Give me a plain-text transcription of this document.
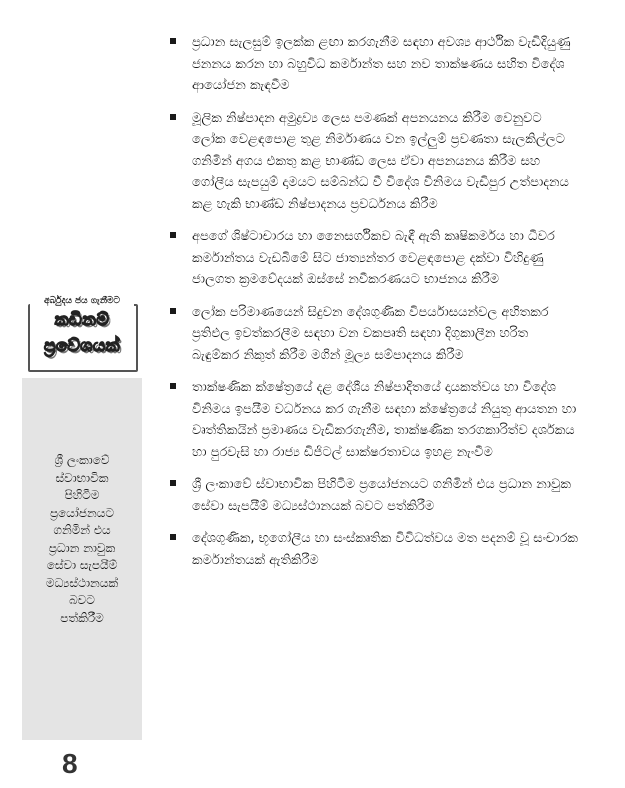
අර්බුදය ජය ගැනීමට
කඩිනම්
ප්‍රවේශයක්
ශ්‍රී ලංකාවේ
ස්වාභාවික
පිහිටීම
ප්‍රයෝජනයට
ගනිමින් එය
ප්‍රධාන නාවුක
සේවා සැපයීම්
මධ්‍යස්ථානයක්
බවට
පත්කිරීම
8
ප්‍රධාන සැලසුම් ඉලක්ක ළඟා කරගැනීම සඳහා අවශ්‍ය ආර්ථික වැඩිදියුණු ජනනය කරන හා බහුවිධ කර්මාන්ත සහ නව තාක්ෂණය සහිත විදේශ ආයෝජන කැඳවීම
මූලික නිෂ්පාදන අමුද්‍රව්‍ය ලෙස පමණක් අපනයනය කිරීම වෙනුවට ලෝක වෙළඳපොළ තුළ නිර්මාණය වන ඉල්ලුම් ප්‍රවණතා සැලකිල්ලට ගනිමින් අගය එකතු කළ භාණ්ඩ ලෙස ඒවා අපනයනය කිරීම සහ ගෝලීය සැපයුම් දාමයට සම්බන්ධ වී විදේශ විනිමය වැඩිපුර උත්පාදනය කළ හැකි භාණ්ඩ නිෂ්පාදනය ප්‍රවර්ධනය කිරීම
අපගේ ශිෂ්ටාචාරය හා නෛසර්ගිකව බැඳී ඇති කෘෂිකර්මය හා ධීවර කර්මාන්තය වැඩබිමේ සිට ජාත්‍යන්තර වෙළඳපොළ දක්වා විහිදුණු ජාලගත ක්‍රමවේදයක් ඔස්සේ නවීකරණයට භාජනය කිරීම
ලෝක පරිමාණයෙන් සිදුවන දේශගුණික විපර්යාසයන්වල අහිතකර ප්‍රතිඵල ඉවත්කරලීම සඳහා වන වකපෘති සඳහා දිගුකාලීන හරිත බැඳුම්කර නිකුත් කිරීම මගින් මූල්‍ය සම්පාදනය කිරීම
තාක්ෂණික ක්ෂේත්‍රයේ දළ දේශීය නිෂ්පාදිතයේ දායකත්වය හා විදේශ විනිමය ඉපයීම වර්ධනය කර ගැනීම සඳහා ක්ෂේත්‍රයේ නියුතු ආයතන හා වෘත්තිකයින් ප්‍රමාණය වැඩිකරගැනීම, තාක්ෂණික තරගකාරිත්ව දර්ශකය හා පුරවැසි හා රාජ්‍ය ඩිජිටල් සාක්ෂරතාවය ඉහළ නැංවීම
ශ්‍රී ලංකාවේ ස්වාභාවික පිහිටීම ප්‍රයෝජනයට ගනිමින් එය ප්‍රධාන නාවුක සේවා සැපයීම් මධ්‍යස්ථානයක් බවට පත්කිරීම
දේශගුණික, භූගෝලීය හා සංස්කෘතික විවිධත්වය මත පදනම් වූ සංචාරක කර්මාන්තයක් ඇතිකිරීම
